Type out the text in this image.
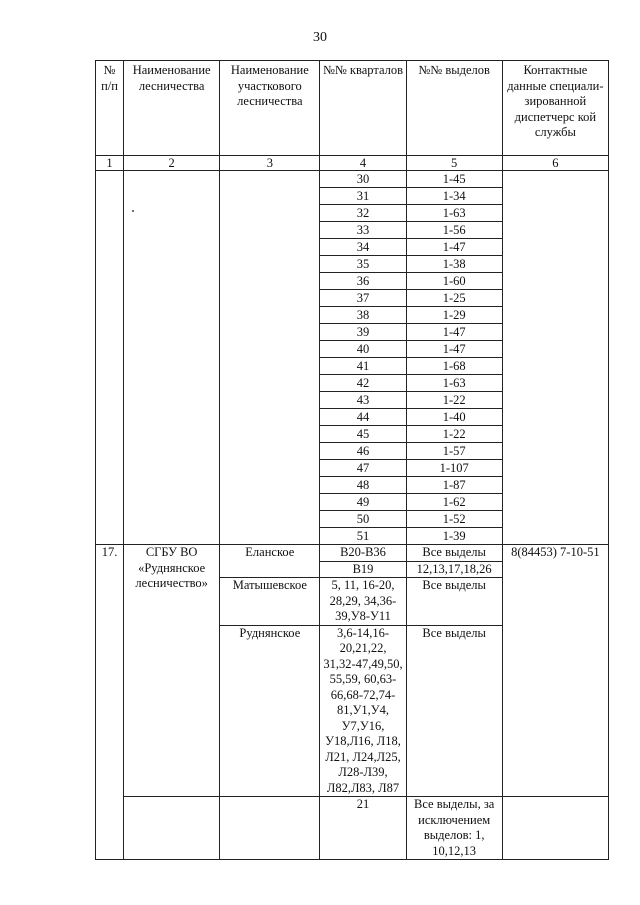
30
№ п/п	Наименование лесничества	Наименование участкового лесничества	№№ кварталов	№№ выделов	Контактные данные специали-зированной диспетчерс кой службы
1	2	3	4	5	6
			30	1-45	
			31	1-34	
			32	1-63	
			33	1-56	
			34	1-47	
			35	1-38	
			36	1-60	
			37	1-25	
			38	1-29	
			39	1-47	
			40	1-47	
			41	1-68	
			42	1-63	
			43	1-22	
			44	1-40	
			45	1-22	
			46	1-57	
			47	1-107	
			48	1-87	
			49	1-62	
			50	1-52	
			51	1-39	
17.	СГБУ ВО «Руднянское лесничество»	Еланское	В20-В36	Все выделы	8(84453) 7-10-51
			В19	12,13,17,18,26	
		Матышевское	5, 11, 16-20, 28,29, 34,36-39,У8-У11	Все выделы	
		Руднянское	3,6-14,16-20,21,22, 31,32-47,49,50, 55,59, 60,63-66,68-72,74-81,У1,У4, У7,У16, У18,Л16, Л18, Л21, Л24,Л25, Л28-Л39, Л82,Л83, Л87	Все выделы	
			21	Все выделы, за исключением выделов: 1, 10,12,13	
